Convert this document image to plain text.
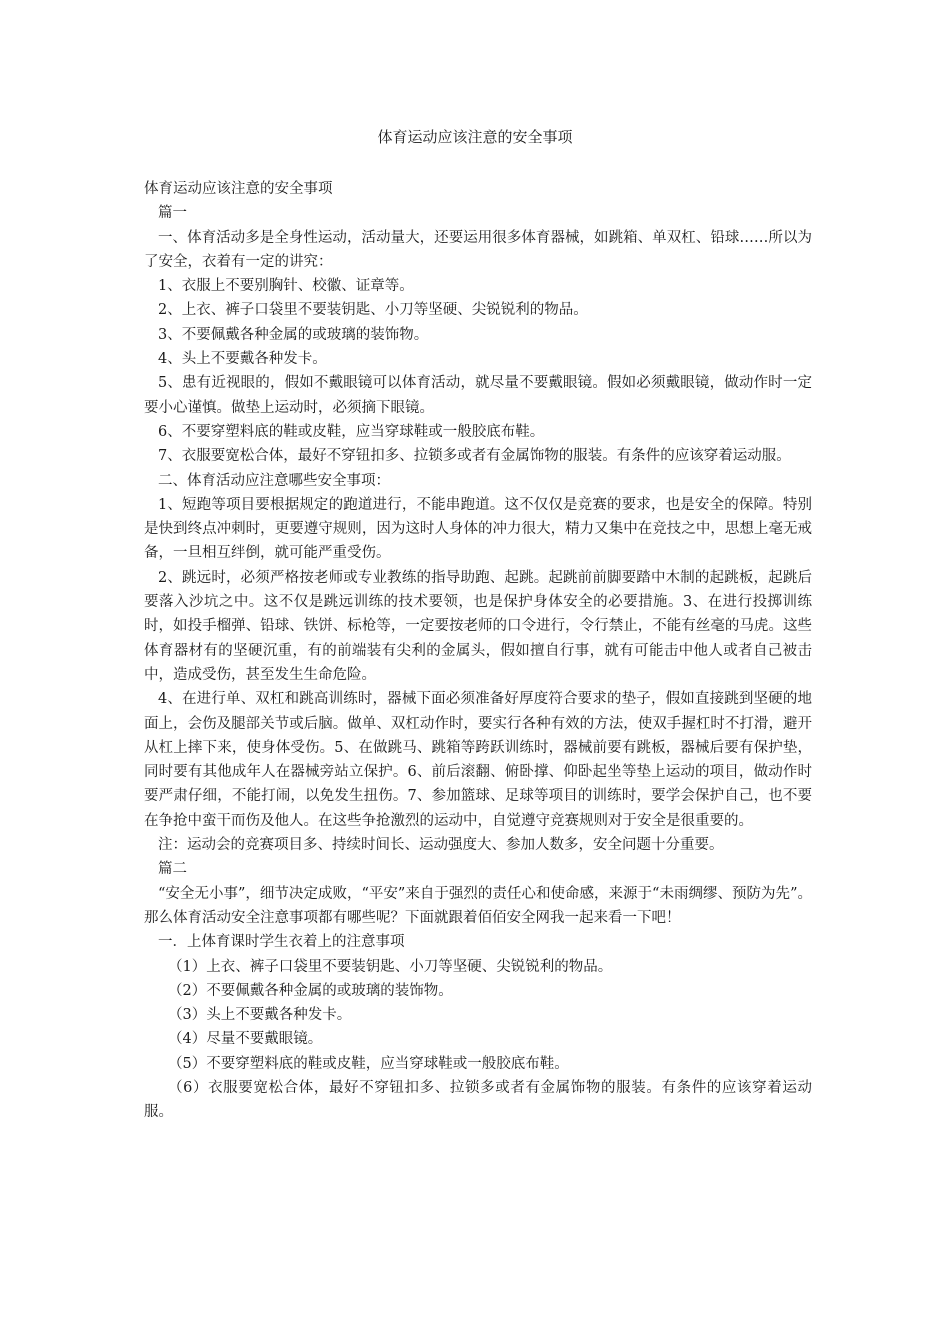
体育运动应该注意的安全事项

体育运动应该注意的安全事项

篇一

一、体育活动多是全身性运动，活动量大，还要运用很多体育器械，如跳箱、单双杠、铅球……所以为了安全，衣着有一定的讲究：

1、衣服上不要别胸针、校徽、证章等。

2、上衣、裤子口袋里不要装钥匙、小刀等坚硬、尖锐锐利的物品。

3、不要佩戴各种金属的或玻璃的装饰物。

4、头上不要戴各种发卡。

5、患有近视眼的，假如不戴眼镜可以体育活动，就尽量不要戴眼镜。假如必须戴眼镜，做动作时一定要小心谨慎。做垫上运动时，必须摘下眼镜。

6、不要穿塑料底的鞋或皮鞋，应当穿球鞋或一般胶底布鞋。

7、衣服要宽松合体，最好不穿钮扣多、拉锁多或者有金属饰物的服装。有条件的应该穿着运动服。

二、体育活动应注意哪些安全事项：

1、短跑等项目要根据规定的跑道进行，不能串跑道。这不仅仅是竞赛的要求，也是安全的保障。特别是快到终点冲刺时，更要遵守规则，因为这时人身体的冲力很大，精力又集中在竞技之中，思想上毫无戒备，一旦相互绊倒，就可能严重受伤。

2、跳远时，必须严格按老师或专业教练的指导助跑、起跳。起跳前前脚要踏中木制的起跳板，起跳后要落入沙坑之中。这不仅是跳远训练的技术要领，也是保护身体安全的必要措施。3、在进行投掷训练时，如投手榴弹、铅球、铁饼、标枪等，一定要按老师的口令进行，令行禁止，不能有丝毫的马虎。这些体育器材有的坚硬沉重，有的前端装有尖利的金属头，假如擅自行事，就有可能击中他人或者自己被击中，造成受伤，甚至发生生命危险。

4、在进行单、双杠和跳高训练时，器械下面必须准备好厚度符合要求的垫子，假如直接跳到坚硬的地面上，会伤及腿部关节或后脑。做单、双杠动作时，要实行各种有效的方法，使双手握杠时不打滑，避开从杠上摔下来，使身体受伤。5、在做跳马、跳箱等跨跃训练时，器械前要有跳板，器械后要有保护垫，同时要有其他成年人在器械旁站立保护。6、前后滚翻、俯卧撑、仰卧起坐等垫上运动的项目，做动作时要严肃仔细，不能打闹，以免发生扭伤。7、参加篮球、足球等项目的训练时，要学会保护自己，也不要在争抢中蛮干而伤及他人。在这些争抢激烈的运动中，自觉遵守竞赛规则对于安全是很重要的。

注：运动会的竞赛项目多、持续时间长、运动强度大、参加人数多，安全问题十分重要。

篇二

“安全无小事”，细节决定成败，“平安”来自于强烈的责任心和使命感，来源于“未雨绸缪、预防为先”。那么体育活动安全注意事项都有哪些呢？下面就跟着佰佰安全网我一起来看一下吧！

一．上体育课时学生衣着上的注意事项

（1）上衣、裤子口袋里不要装钥匙、小刀等坚硬、尖锐锐利的物品。

（2）不要佩戴各种金属的或玻璃的装饰物。

（3）头上不要戴各种发卡。

（4）尽量不要戴眼镜。

（5）不要穿塑料底的鞋或皮鞋，应当穿球鞋或一般胶底布鞋。

（6）衣服要宽松合体，最好不穿钮扣多、拉锁多或者有金属饰物的服装。有条件的应该穿着运动服。
